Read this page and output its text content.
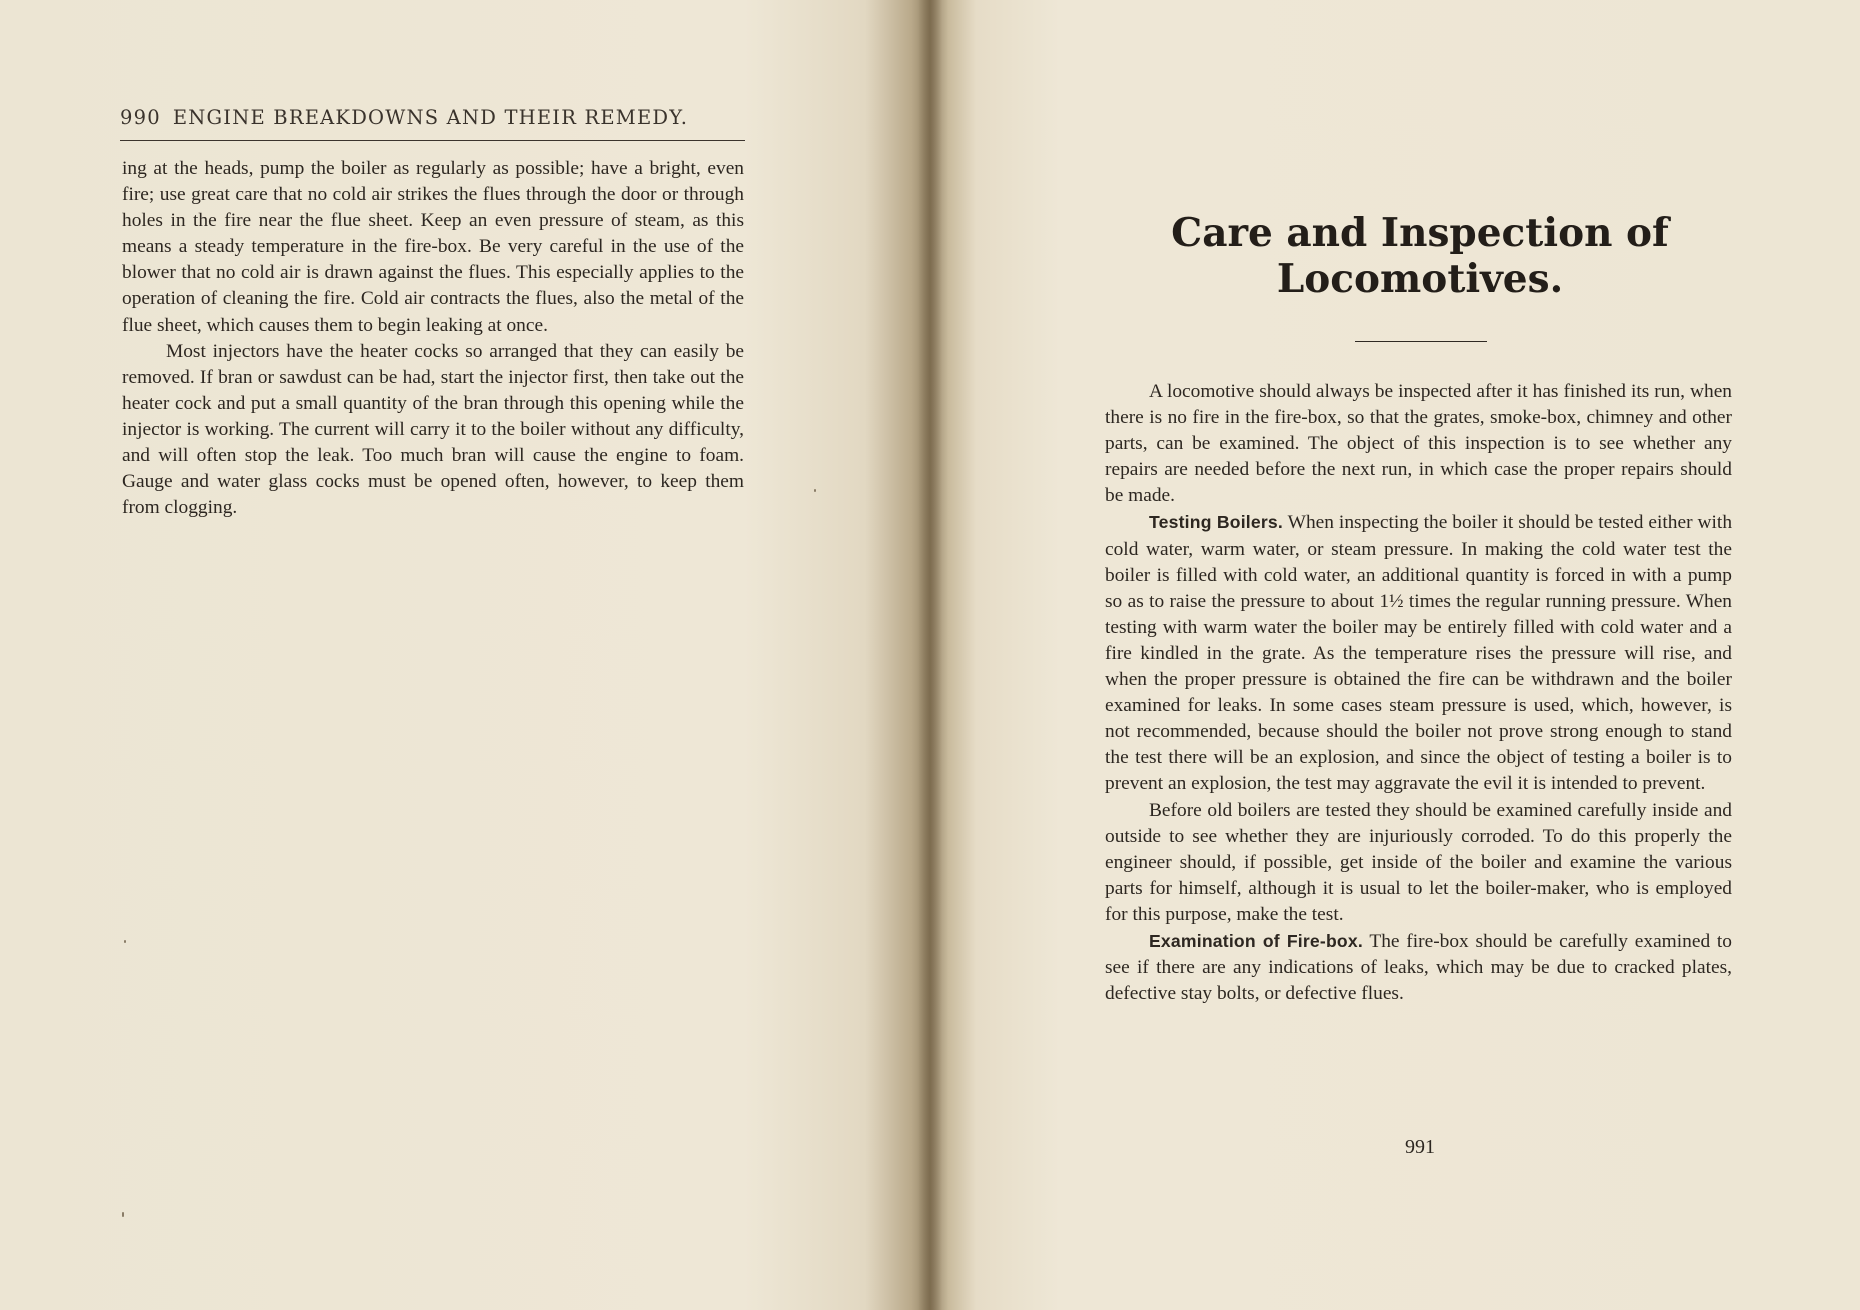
990 ENGINE BREAKDOWNS AND THEIR REMEDY.

ing at the heads, pump the boiler as regularly as possible; have a bright, even fire; use great care that no cold air strikes the flues through the door or through holes in the fire near the flue sheet. Keep an even pressure of steam, as this means a steady temperature in the fire-box. Be very careful in the use of the blower that no cold air is drawn against the flues. This especially applies to the operation of cleaning the fire. Cold air contracts the flues, also the metal of the flue sheet, which causes them to begin leaking at once.

Most injectors have the heater cocks so arranged that they can easily be removed. If bran or sawdust can be had, start the injector first, then take out the heater cock and put a small quantity of the bran through this opening while the injector is working. The current will carry it to the boiler without any difficulty, and will often stop the leak. Too much bran will cause the engine to foam. Gauge and water glass cocks must be opened often, however, to keep them from clogging.

Care and Inspection of
Locomotives.

A locomotive should always be inspected after it has finished its run, when there is no fire in the fire-box, so that the grates, smoke-box, chimney and other parts, can be examined. The object of this inspection is to see whether any repairs are needed before the next run, in which case the proper repairs should be made.

Testing Boilers. When inspecting the boiler it should be tested either with cold water, warm water, or steam pressure. In making the cold water test the boiler is filled with cold water, an additional quantity is forced in with a pump so as to raise the pressure to about 1½ times the regular running pressure. When testing with warm water the boiler may be entirely filled with cold water and a fire kindled in the grate. As the temperature rises the pressure will rise, and when the proper pressure is obtained the fire can be withdrawn and the boiler examined for leaks. In some cases steam pressure is used, which, however, is not recommended, because should the boiler not prove strong enough to stand the test there will be an explosion, and since the object of testing a boiler is to prevent an explosion, the test may aggravate the evil it is intended to prevent.

Before old boilers are tested they should be examined carefully inside and outside to see whether they are injuriously corroded. To do this properly the engineer should, if possible, get inside of the boiler and examine the various parts for himself, although it is usual to let the boiler-maker, who is employed for this purpose, make the test.

Examination of Fire-box. The fire-box should be carefully examined to see if there are any indications of leaks, which may be due to cracked plates, defective stay bolts, or defective flues.

991
